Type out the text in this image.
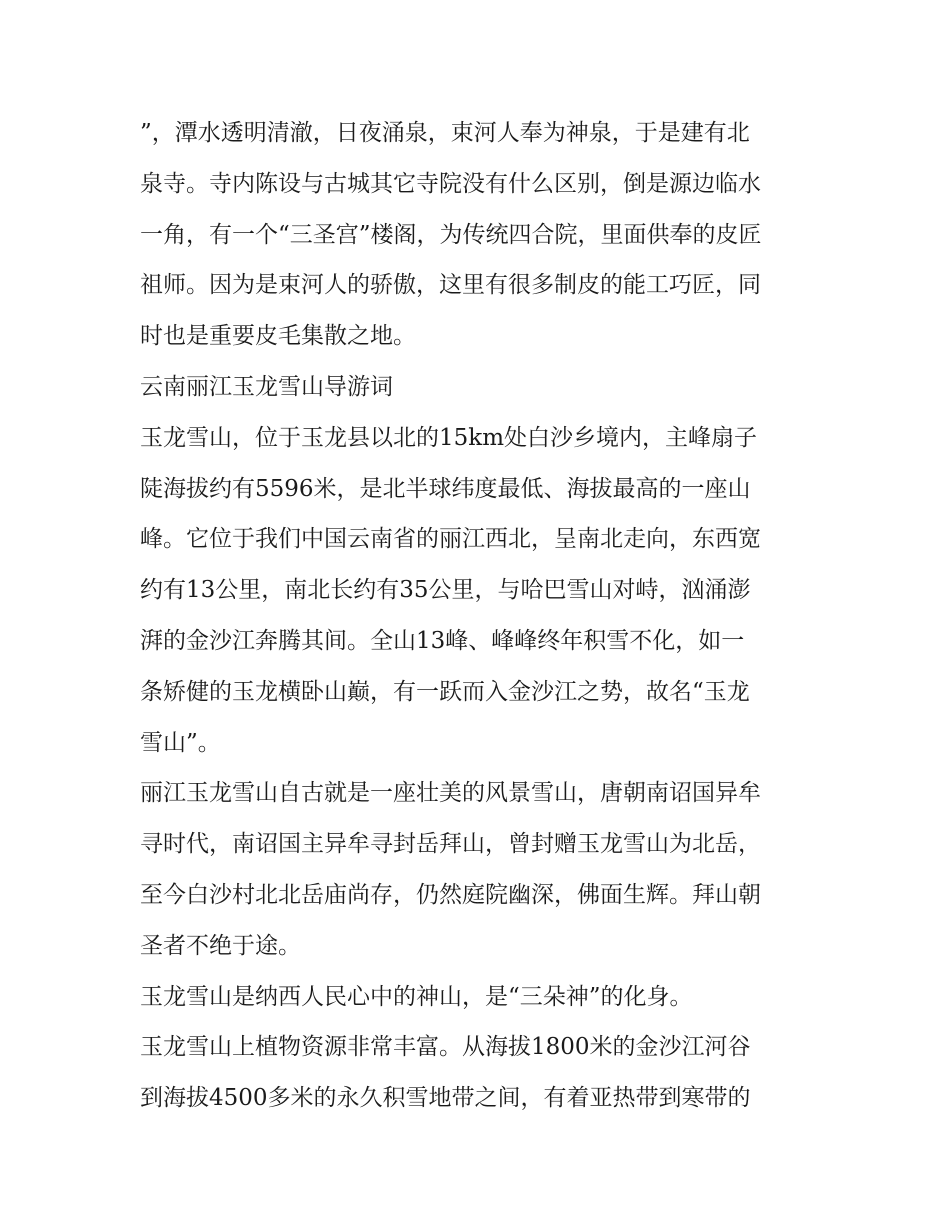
”，潭水透明清澈，日夜涌泉，束河人奉为神泉，于是建有北
泉寺。寺内陈设与古城其它寺院没有什么区别，倒是源边临水
一角，有一个“三圣宫”楼阁，为传统四合院，里面供奉的皮匠
祖师。因为是束河人的骄傲，这里有很多制皮的能工巧匠，同
时也是重要皮毛集散之地。
云南丽江玉龙雪山导游词
玉龙雪山，位于玉龙县以北的15km处白沙乡境内，主峰扇子
陡海拔约有5596米，是北半球纬度最低、海拔最高的一座山
峰。它位于我们中国云南省的丽江西北，呈南北走向，东西宽
约有13公里，南北长约有35公里，与哈巴雪山对峙，汹涌澎
湃的金沙江奔腾其间。全山13峰、峰峰终年积雪不化，如一
条矫健的玉龙横卧山巅，有一跃而入金沙江之势，故名“玉龙
雪山”。
丽江玉龙雪山自古就是一座壮美的风景雪山，唐朝南诏国异牟
寻时代，南诏国主异牟寻封岳拜山，曾封赠玉龙雪山为北岳，
至今白沙村北北岳庙尚存，仍然庭院幽深，佛面生辉。拜山朝
圣者不绝于途。
玉龙雪山是纳西人民心中的神山，是“三朵神”的化身。
玉龙雪山上植物资源非常丰富。从海拔1800米的金沙江河谷
到海拔4500多米的永久积雪地带之间，有着亚热带到寒带的
